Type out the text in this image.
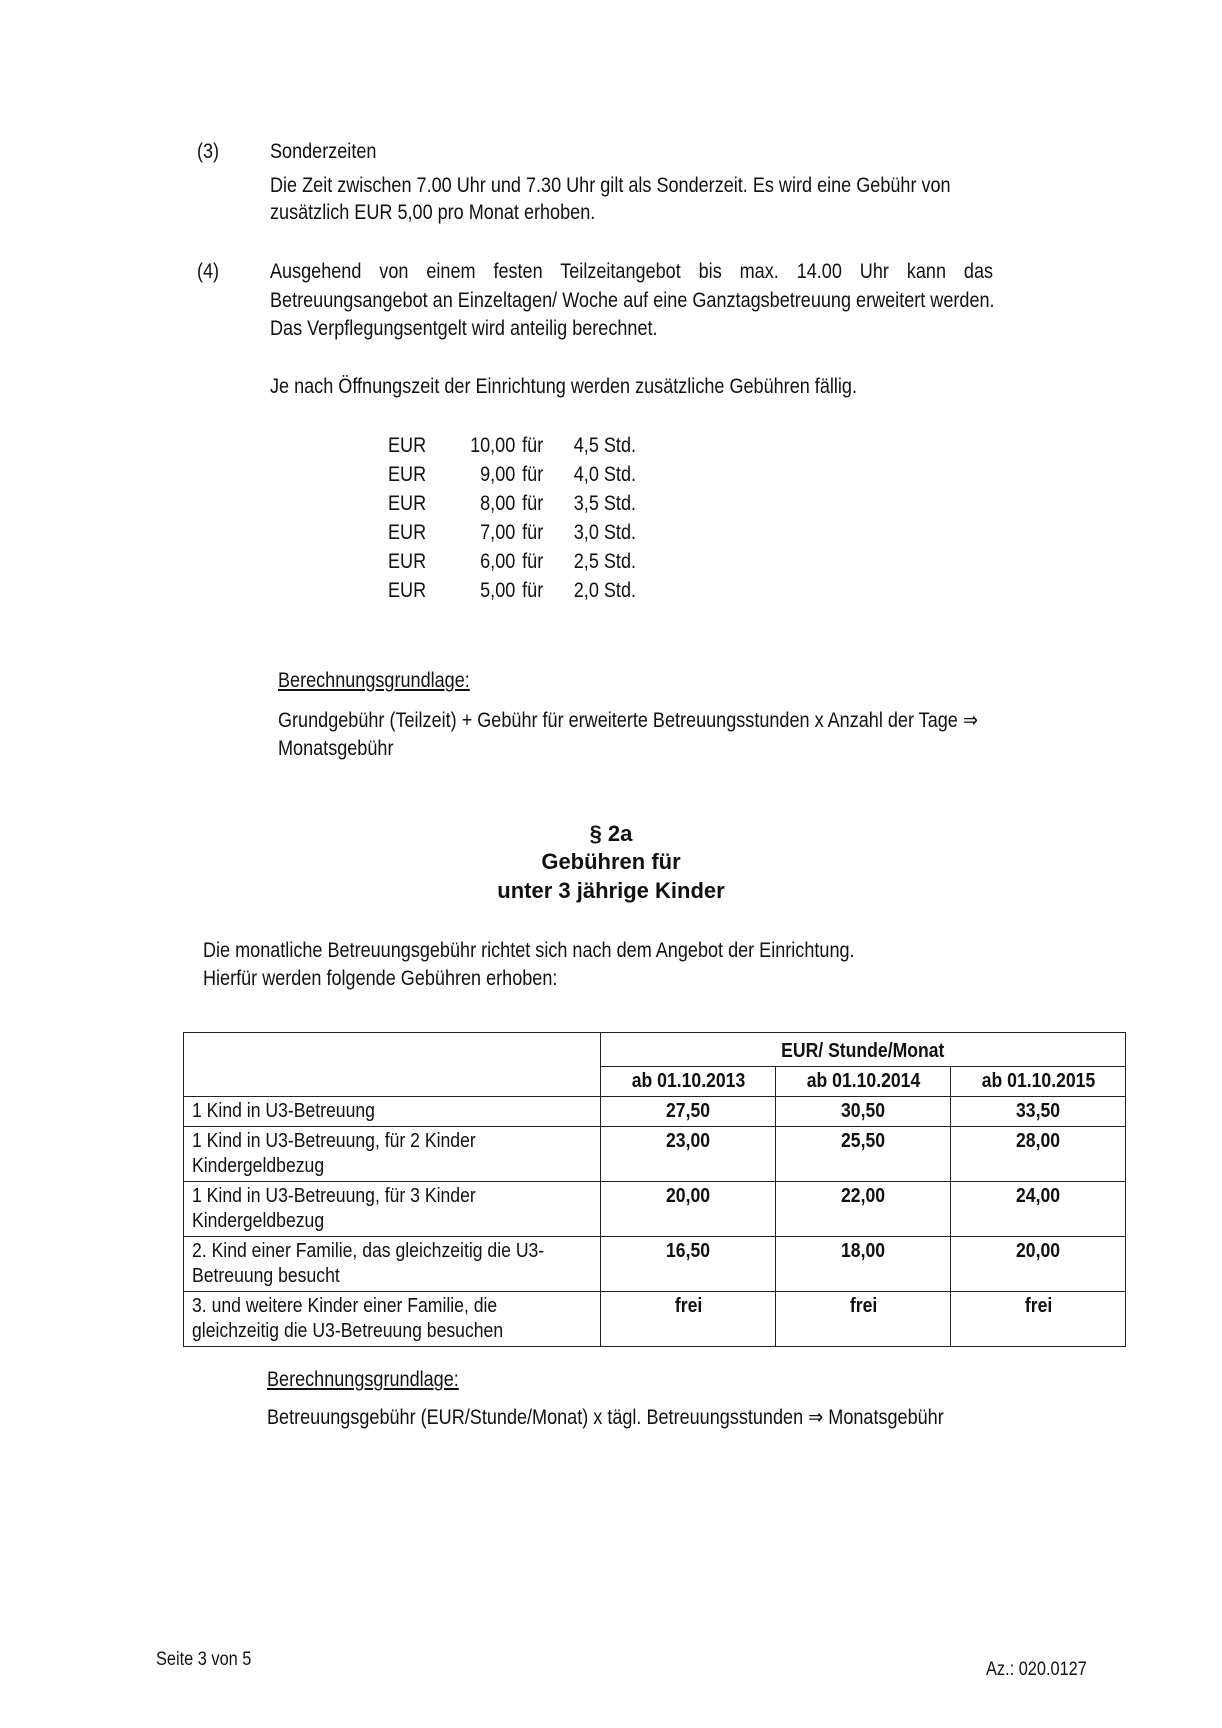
(3) Sonderzeiten
Die Zeit zwischen 7.00 Uhr und 7.30 Uhr gilt als Sonderzeit. Es wird eine Gebühr von
zusätzlich EUR 5,00 pro Monat erhoben.
(4) Ausgehend von einem festen Teilzeitangebot bis max. 14.00 Uhr kann das
Betreuungsangebot an Einzeltagen/ Woche auf eine Ganztagsbetreuung erweitert werden.
Das Verpflegungsentgelt wird anteilig berechnet.
Je nach Öffnungszeit der Einrichtung werden zusätzliche Gebühren fällig.
EUR	10,00 für	4,5 Std.
EUR	9,00 für	4,0 Std.
EUR	8,00 für	3,5 Std.
EUR	7,00 für	3,0 Std.
EUR	6,00 für	2,5 Std.
EUR	5,00 für	2,0 Std.
Berechnungsgrundlage:
Grundgebühr (Teilzeit) + Gebühr für erweiterte Betreuungsstunden x Anzahl der Tage ⇒
Monatsgebühr
§ 2a
Gebühren für
unter 3 jährige Kinder
Die monatliche Betreuungsgebühr richtet sich nach dem Angebot der Einrichtung.
Hierfür werden folgende Gebühren erhoben:
	EUR/ Stunde/Monat		
	ab 01.10.2013	ab 01.10.2014	ab 01.10.2015
1 Kind in U3-Betreuung	27,50	30,50	33,50
1 Kind in U3-Betreuung, für 2 Kinder
Kindergeldbezug	23,00	25,50	28,00
1 Kind in U3-Betreuung, für 3 Kinder
Kindergeldbezug	20,00	22,00	24,00
2. Kind einer Familie, das gleichzeitig die U3-
Betreuung besucht	16,50	18,00	20,00
3. und weitere Kinder einer Familie, die
gleichzeitig die U3-Betreuung besuchen	frei	frei	frei
Berechnungsgrundlage:
Betreuungsgebühr (EUR/Stunde/Monat) x tägl. Betreuungsstunden ⇒ Monatsgebühr
Seite 3 von 5	Az.: 020.0127
